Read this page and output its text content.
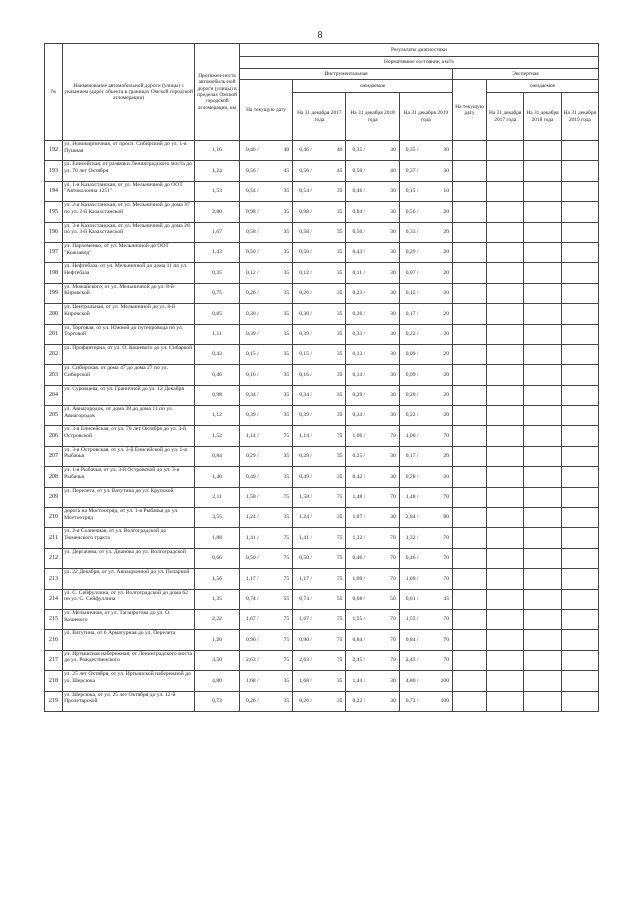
8
№	Наименование автомобильной дороги (улицы) с указанием (адрес объекта в границах Омской городской агломерации)	Протяжен-ность автомобиль-ной дороги (улицы) в пределах Омской городской агломерации, км	Результаты диагностики							
			Нормативное состояние, км/%							
			Инструментальная				Экспертная			
			На текущую дату	ожидаемое			На текущую дату	ожидаемое		
				На 31 декабря 2017 года	На 31 декабря 2018 года	На 31 декабря 2019 года		На 31 декабря 2017 года	На 31 декабря 2018 года	На 31 декабря 2019 года
192	ул. Новокирпичная, от просп. Сибирский до ул. 1-я Пушная	1,16	0,46 / 40	0,46 / 40	0,35 / 30	0,35 / 30				

193	ул. Енисейская, от развязки Ленинградского моста до ул. 70 лет Октября	1,24	0,56 / 45	0,56 / 45	0,50 / 40	0,37 / 30				

194	ул. 1-я Казахстанская, от ул. Мельничной до ООТ "Автоколонна 1251"	1,53	0,54 / 35	0,54 / 35	0,46 / 30	0,15 / 10				

195	ул. 2-я Казахстанская, от ул. Мельничной до дома 37 по ул. 2-й Казахстанской	2,80	0,98 / 35	0,98 / 35	0,84 / 30	0,56 / 20				

196	ул. 3-я Казахстанская, от ул. Мельничной до дома 28 по ул. 3-й Казахстанской	1,67	0,58 / 35	0,58 / 35	0,50 / 30	0,33 / 20				

197	ул. Пархоменко, от ул. Мельничной до ООТ "Кожзавод"	1,43	0,50 / 35	0,50 / 35	0,43 / 30	0,29 / 20				

198	ул. Нефтебаза, от ул. Мельничной до дома 11 по ул. Нефтебаза	0,35	0,12 / 35	0,12 / 35	0,11 / 30	0,07 / 20				

199	ул. Можайского, от ул. Мельничной до ул. 8-й Кировской	0,75	0,26 / 35	0,26 / 35	0,23 / 30	0,15 / 20				

200	ул. Центральная, от ул. Мельничной до ул. 8-й Кировской	0,85	0,30 / 35	0,30 / 35	0,26 / 30	0,17 / 20				

201	ул. Торговая, от ул. Южной до путепровода по ул. Торговой	1,11	0,39 / 35	0,39 / 35	0,33 / 30	0,22 / 20				

202	ул. Профинтерна, от ул. О. Кошевого до ул. Сибаркой	0,43	0,15 / 35	0,15 / 35	0,13 / 30	0,09 / 20				

203	ул. Сибирская, от дома 47 до дома 27 по ул. Сибирской	0,46	0,16 / 35	0,16 / 35	0,14 / 30	0,09 / 20				

204	ул. Суровцева, от ул. Граничной до ул. 12 Декабря	0,98	0,34 / 35	0,34 / 35	0,29 / 30	0,20 / 20				

205	ул. Авиагородок, от дома 38 до дома 11 по ул. Авиагородок	1,12	0,39 / 35	0,39 / 35	0,34 / 30	0,22 / 20				

206	ул. 3-я Енисейская, от ул. 70 лет Октября до ул. 3-й Островской	1,52	1,14 / 75	1,14 / 75	1,06 / 70	1,06 / 70				

207	ул. 3-я Островская, от ул. 3-й Енисейской до ул. 1-я Рыбачья	0,84	0,29 / 35	0,29 / 35	0,25 / 30	0,17 / 20				

208	ул. 1-я Рыбачья, от ул. 3-й Островской до ул. 3-я Рыбачья	1,40	0,49 / 35	0,49 / 35	0,42 / 30	0,28 / 20				

209	ул. Перелета, от ул. Ватутина до ул. Крупской	2,11	1,58 / 75	1,58 / 75	1,48 / 70	1,48 / 70				

210	дорога на Мостоотряд, от ул. 1-я Рыбачья до ул. Мостоотряд	3,55	1,24 / 35	1,24 / 35	1,07 / 30	2,84 / 80				

211	ул. 2-я Солнечная, от ул. Волгоградской до Тюменского тракта	1,88	1,41 / 75	1,41 / 75	1,32 / 70	1,32 / 70				

212	ул. Дергачева, от ул. Дианова до ул. Волгоградской	0,66	0,50 / 75	0,50 / 75	0,46 / 70	0,46 / 70				

213	ул. 22 Декабря, от ул. Авиационной до ул. Поларной	1,56	1,17 / 75	1,17 / 75	1,09 / 70	1,09 / 70				

214	ул. С. Сейфуллина, от ул. Волгоградской до дома 62 по ул. С. Сейфуллина	1,35	0,74 / 55	0,74 / 55	0,68 / 50	0,61 / 45				

215	ул. Мельничная, от ул. Таганрогова до ул. О. Кошевого	2,22	1,67 / 75	1,67 / 75	1,55 / 70	1,55 / 70				

216	ул. Ватутина, от 6 Арматурная до ул. Перелета	1,20	0,90 / 75	0,90 / 75	0,84 / 70	0,84 / 70				

217	ул. Иртышская набережная, от Ленинградского моста до ул. Рождественского	3,50	2,63 / 75	2,63 / 75	2,45 / 70	2,45 / 70				

218	ул. 25 лет Октября, от ул. Иртышской набережной до ул. Шерсюка	4,80	1,68 / 35	1,68 / 35	1,44 / 30	4,80 / 100				

219	ул. Шерсюка, от ул. 25 лет Октября до ул. 12-й Пролетарской	0,73	0,26 / 35	0,26 / 35	0,22 / 30	0,73 / 100				
